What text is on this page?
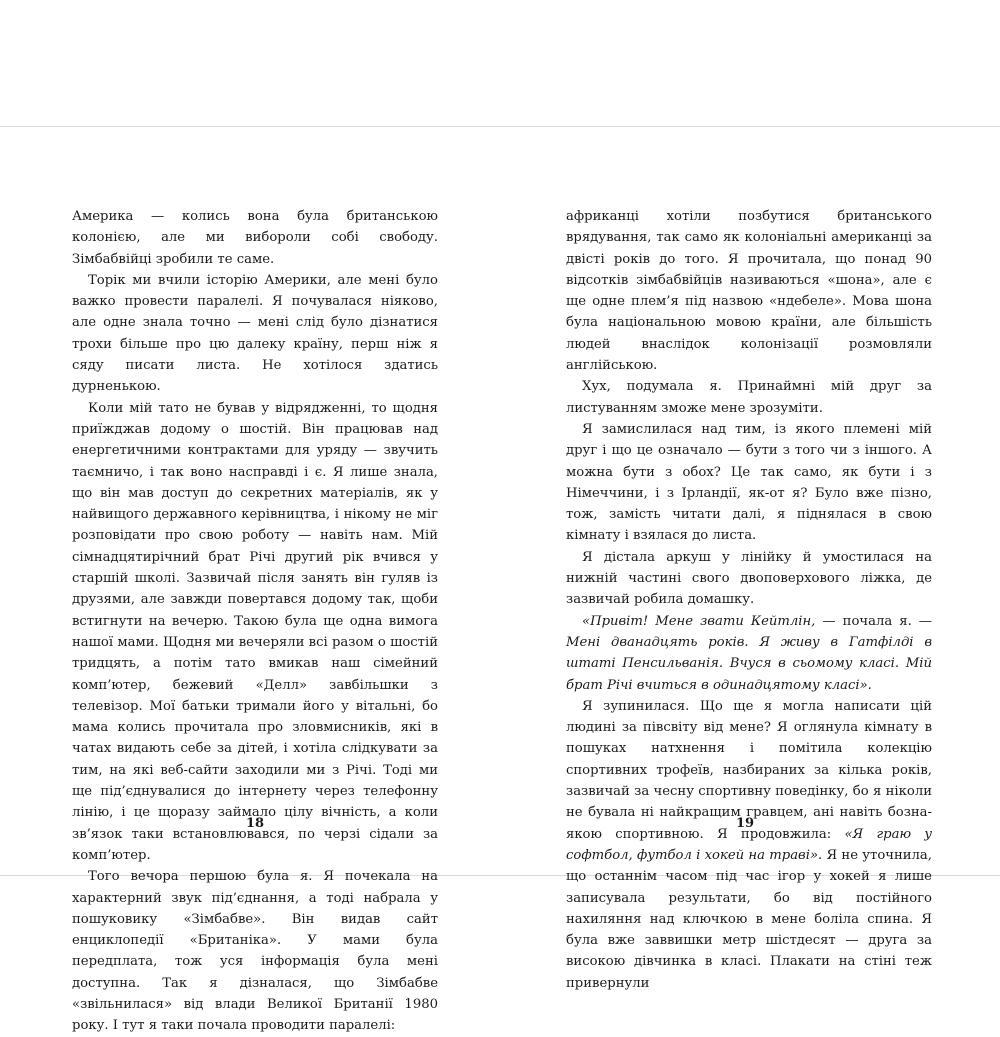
Америка — колись вона була британською колонією, але ми вибороли собі свободу. Зімбабвійці зробили те саме.

Торік ми вчили історію Америки, але мені було важко провести паралелі. Я почувалася ніяково, але одне знала точно — мені слід було дізнатися трохи більше про цю далеку країну, перш ніж я сяду писати листа. Не хотілося здатись дурненькою.

Коли мій тато не бував у відрядженні, то щодня приїжджав додому о шостій. Він працював над енергетичними контрактами для уряду — звучить таємничо, і так воно насправді і є. Я лише знала, що він мав доступ до секретних матеріалів, як у найвищого державного керівництва, і нікому не міг розповідати про свою роботу — навіть нам. Мій сімнадцятирічний брат Річі другий рік вчився у старшій школі. Зазвичай після занять він гуляв із друзями, але завжди повертався додому так, щоби встигнути на вечерю. Такою була ще одна вимога нашої мами. Щодня ми вечеряли всі разом о шостій тридцять, а потім тато вмикав наш сімейний комп’ютер, бежевий «Делл» завбільшки з телевізор. Мої батьки тримали його у вітальні, бо мама колись прочитала про зловмисників, які в чатах видають себе за дітей, і хотіла слідкувати за тим, на які веб-сайти заходили ми з Річі. Тоді ми ще під’єднувалися до інтернету через телефонну лінію, і це щоразу займало цілу вічність, а коли зв’язок таки встановлювався, по черзі сідали за комп’ютер.

Того вечора першою була я. Я почекала на характерний звук під’єднання, а тоді набрала у пошуковику «Зімбабве». Він видав сайт енциклопедії «Британіка». У мами була передплата, тож уся інформація була мені доступна. Так я дізналася, що Зімбабве «звільнилася» від влади Великої Британії 1980 року. І тут я таки почала проводити паралелі:

африканці хотіли позбутися британського врядування, так само як колоніальні американці за двісті років до того. Я прочитала, що понад 90 відсотків зімбабвійців називаються «шона», але є ще одне плем’я під назвою «ндебеле». Мова шона була національною мовою країни, але більшість людей внаслідок колонізації розмовляли англійською.

Хух, подумала я. Принаймні мій друг за листуванням зможе мене зрозуміти.

Я замислилася над тим, із якого племені мій друг і що це означало — бути з того чи з іншого. А можна бути з обох? Це так само, як бути і з Німеччини, і з Ірландії, як-от я? Було вже пізно, тож, замість читати далі, я піднялася в свою кімнату і взялася до листа.

Я дістала аркуш у лінійку й умостилася на нижній частині свого двоповерхового ліжка, де зазвичай робила домашку.

«Привіт! Мене звати Кейтлін, — почала я. — Мені дванадцять років. Я живу в Гатфілді в штаті Пенсильванія. Вчуся в сьомому класі. Мій брат Річі вчиться в одинадцятому класі».

Я зупинилася. Що ще я могла написати цій людині за півсвіту від мене? Я оглянула кімнату в пошуках натхнення і помітила колекцію спортивних трофеїв, назбираних за кілька років, зазвичай за чесну спортивну поведінку, бо я ніколи не бувала ні найкращим гравцем, ані навіть бозна-якою спортивною. Я продовжила: «Я граю у софтбол, футбол і хокей на траві». Я не уточнила, що останнім часом під час ігор у хокей я лише записувала результати, бо від постійного нахиляння над ключкою в мене боліла спина. Я була вже заввишки метр шістдесят — друга за високою дівчинка в класі. Плакати на стіні теж привернули

18	19
